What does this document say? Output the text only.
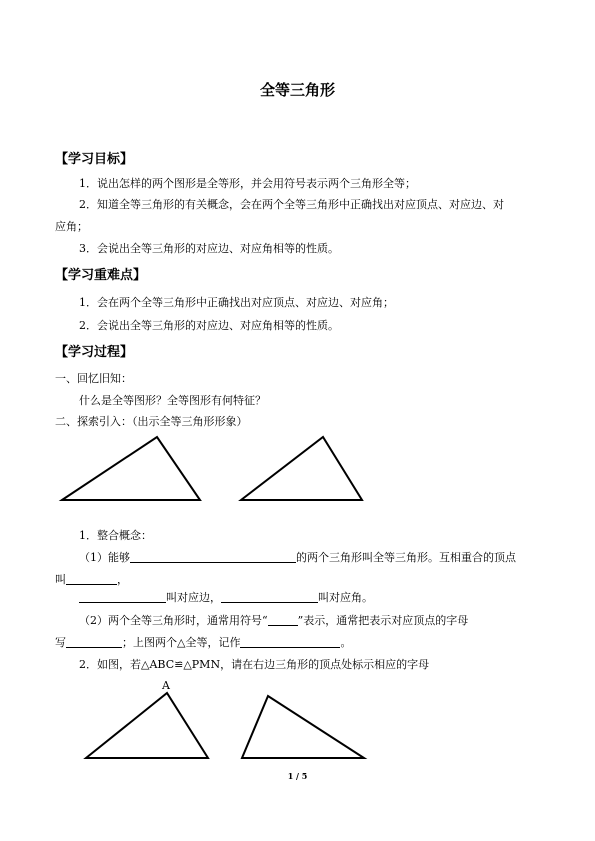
全等三角形
【学习目标】
1．说出怎样的两个图形是全等形，并会用符号表示两个三角形全等；
2．知道全等三角形的有关概念，会在两个全等三角形中正确找出对应顶点、对应边、对
应角；
3．会说出全等三角形的对应边、对应角相等的性质。
【学习重难点】
1．会在两个全等三角形中正确找出对应顶点、对应边、对应角；
2．会说出全等三角形的对应边、对应角相等的性质。
【学习过程】
一、回忆旧知：
什么是全等图形？全等图形有何特征？
二、探索引入：（出示全等三角形形象）
1．整合概念：
（1）能够	的两个三角形叫全等三角形。互相重合的顶点
叫	，
叫对应边，	叫对应角。
（2）两个全等三角形时，通常用符号“	”表示，通常把表示对应顶点的字母
写	；上图两个△全等，记作	。
2．如图，若△ABC≌△PMN，请在右边三角形的顶点处标示相应的字母
A
1 / 5
